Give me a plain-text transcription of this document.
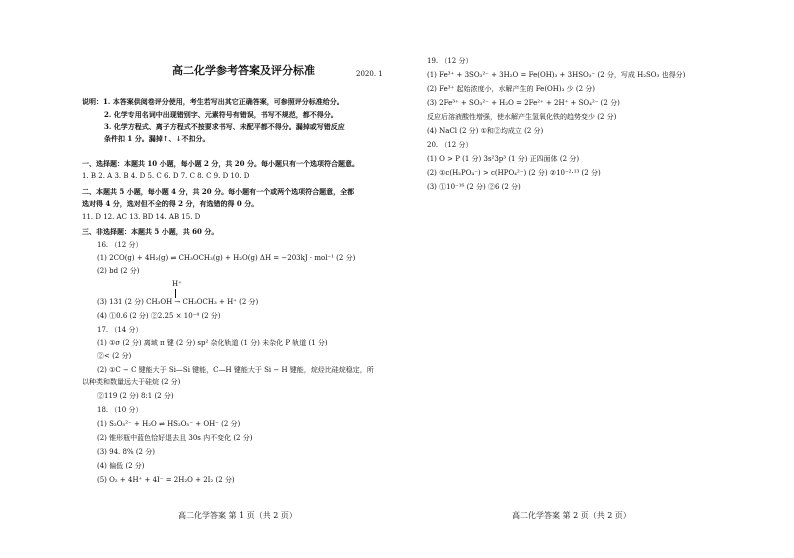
高二化学参考答案及评分标准	2020. 1
说明：1. 本答案供阅卷评分使用，考生若写出其它正确答案，可参照评分标准给分。
2. 化学专用名词中出现错别字、元素符号有错误，书写不规范，都不得分。
3. 化学方程式、离子方程式不按要求书写、未配平都不得分。漏掉或写错反应
条件扣 1 分。漏掉↑、↓不扣分。
一、选择题：本题共 10 小题，每小题 2 分，共 20 分。每小题只有一个选项符合题意。
1. B 2. A 3. B 4. D 5. C 6. D 7. C 8. C 9. D 10. D
二、本题共 5 小题，每小题 4 分，共 20 分。每小题有一个或两个选项符合题意，全都
选对得 4 分，选对但不全的得 2 分，有选错的得 0 分。
11. D 12. AC 13. BD 14. AB 15. D
三、非选择题：本题共 5 小题，共 60 分。
16. （12 分）
(1) 2CO(g) + 4H₂(g) ⇌ CH₃OCH₃(g) + H₂O(g) ΔH = −203kJ · mol⁻¹ (2 分)
(2) bd (2 分)
H⁺
(3) 131 (2 分) CH₃OH → CH₃OCH₃ + H⁺ (2 分)
(4) ①0.6 (2 分) ②2.25 × 10⁻⁴ (2 分)
17. （14 分）
(1) ①σ (2 分) 离域 π 键 (2 分) sp² 杂化轨道 (1 分) 未杂化 P 轨道 (1 分)
②< (2 分)
(2) ①C − C 键能大于 Si—Si 键能，C—H 键能大于 Si − H 键能，烷烃比硅烷稳定，所
以种类和数量远大于硅烷 (2 分)
②119 (2 分) 8:1 (2 分)
18. （10 分）
(1) S₂O₅²⁻ + H₂O ⇌ HS₂O₅⁻ + OH⁻ (2 分)
(2) 锥形瓶中蓝色恰好退去且 30s 内不变化 (2 分)
(3) 94. 8% (2 分)
(4) 偏低 (2 分)
(5) O₂ + 4H⁺ + 4I⁻ = 2H₂O + 2I₂ (2 分)
高二化学答案 第 1 页（共 2 页）
19. （12 分）
(1) Fe³⁺ + 3SO₃²⁻ + 3H₂O = Fe(OH)₃ + 3HSO₃⁻ (2 分，写成 H₂SO₃ 也得分)
(2) Fe³⁺ 起始浓度小，水解产生的 Fe(OH)₃ 少 (2 分)
(3) 2Fe³⁺ + SO₃²⁻ + H₂O = 2Fe²⁺ + 2H⁺ + SO₄²⁻ (2 分)
反应后溶液酸性增强，使水解产生氢氧化铁的趋势变少 (2 分)
(4) NaCl (2 分) ①和②均成立 (2 分)
20. （12 分）
(1) O > P (1 分) 3s²3p³ (1 分) 正四面体 (2 分)
(2) ①c(H₂PO₄⁻) > c(HPO₄²⁻) (2 分) ②10⁻²·¹³ (2 分)
(3) ①10⁻¹⁶ (2 分) ②6 (2 分)
高二化学答案 第 2 页（共 2 页）
